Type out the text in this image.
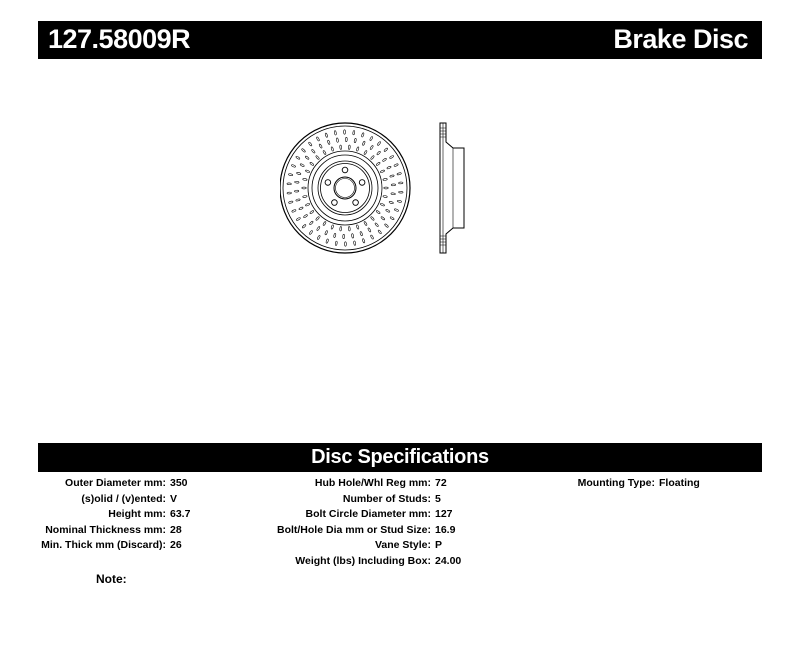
127.58009R	Brake Disc
Disc Specifications
Outer Diameter mm: 350
(s)olid / (v)ented: V
Height mm: 63.7
Nominal Thickness mm: 28
Min. Thick mm (Discard): 26
Hub Hole/Whl Reg mm: 72
Number of Studs: 5
Bolt Circle Diameter mm: 127
Bolt/Hole Dia mm or Stud Size: 16.9
Vane Style: P
Weight (lbs) Including Box: 24.00
Mounting Type: Floating
Note:
